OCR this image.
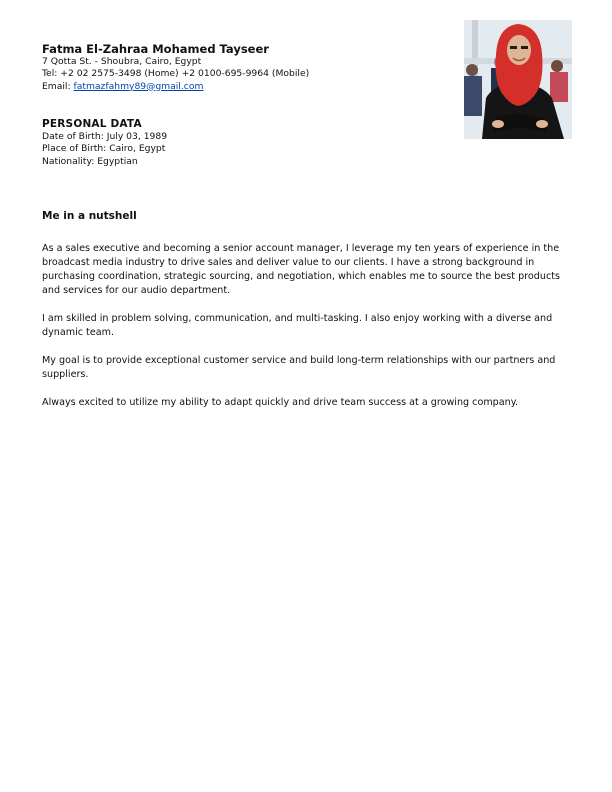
Fatma El-Zahraa Mohamed Tayseer
7 Qotta St. - Shoubra, Cairo, Egypt
Tel: +2 02 2575-3498 (Home) +2 0100-695-9964 (Mobile)
Email: fatmazfahmy89@gmail.com
PERSONAL DATA
Date of Birth: July 03, 1989
Place of Birth: Cairo, Egypt
Nationality: Egyptian
Me in a nutshell

As a sales executive and becoming a senior account manager, I leverage my ten years of experience in the broadcast media industry to drive sales and deliver value to our clients. I have a strong background in purchasing coordination, strategic sourcing, and negotiation, which enables me to source the best products and services for our audio department.

I am skilled in problem solving, communication, and multi-tasking. I also enjoy working with a diverse and dynamic team.

My goal is to provide exceptional customer service and build long-term relationships with our partners and suppliers.

Always excited to utilize my ability to adapt quickly and drive team success at a growing company.
